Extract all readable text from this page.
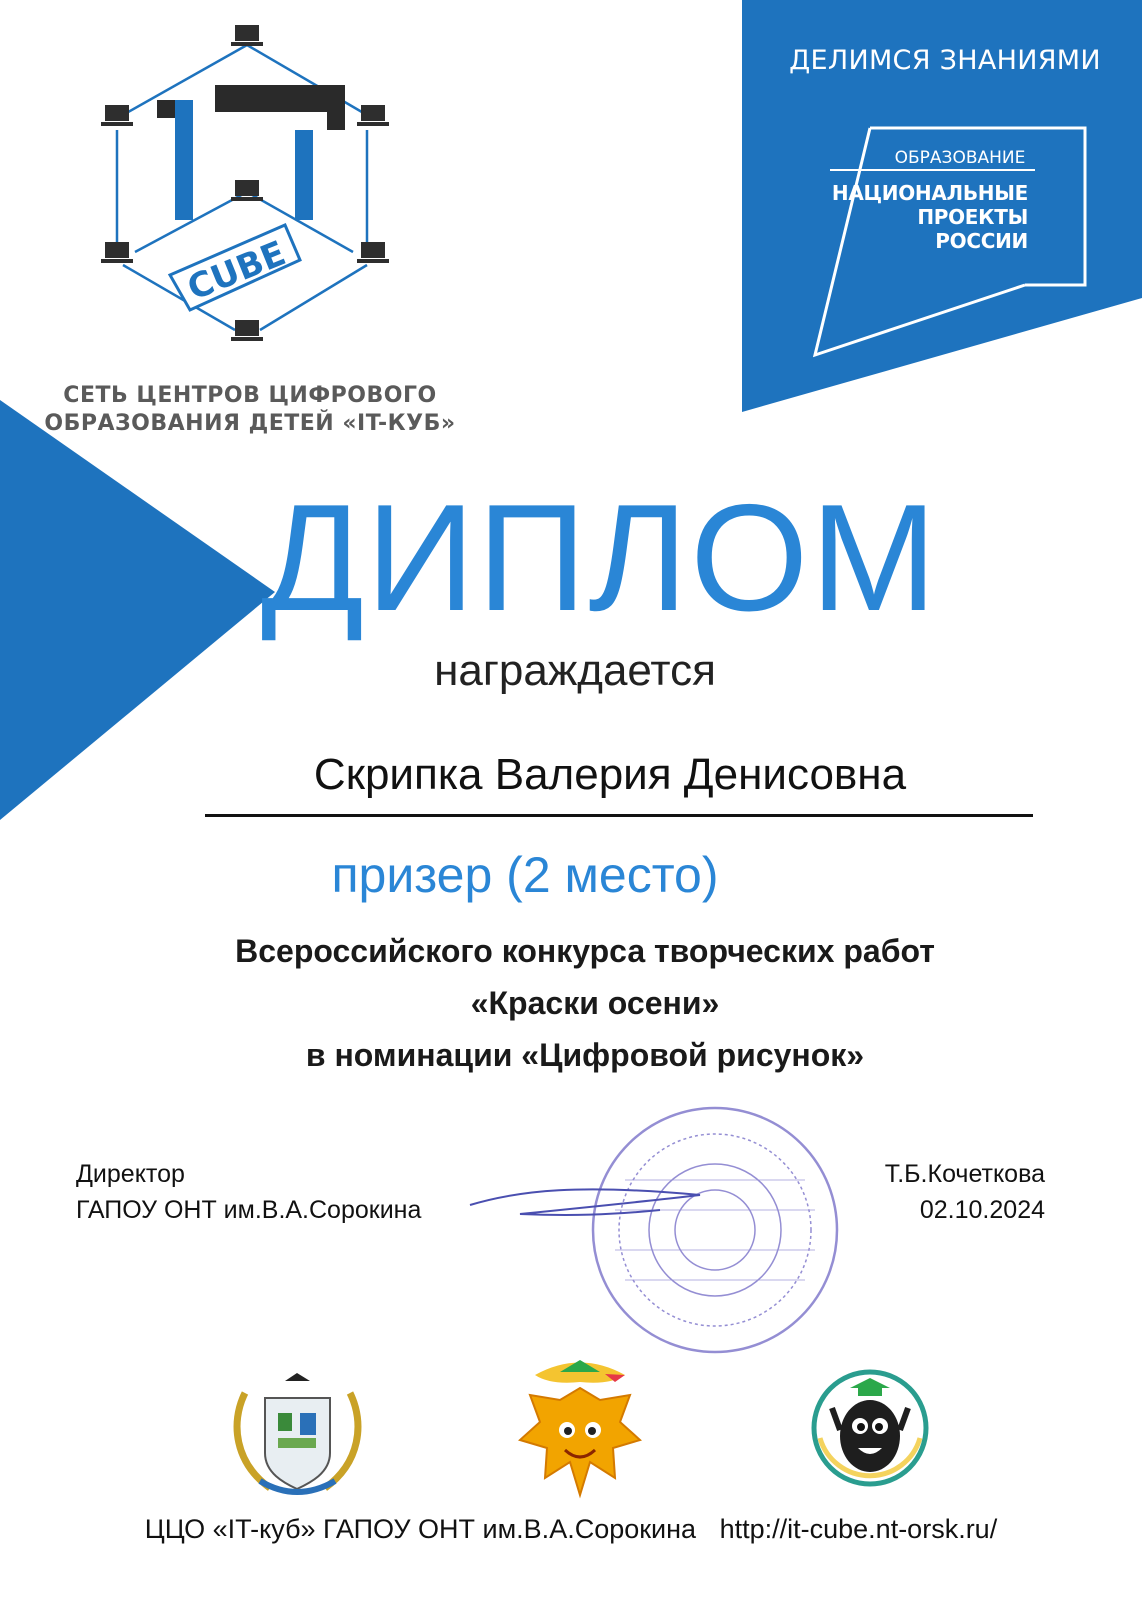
CUBE
СЕТЬ ЦЕНТРОВ ЦИФРОВОГО
ОБРАЗОВАНИЯ ДЕТЕЙ «IT-КУБ»
ДЕЛИМСЯ ЗНАНИЯМИ
ОБРАЗОВАНИЕ
НАЦИОНАЛЬНЫЕ
ПРОЕКТЫ
РОССИИ
ДИПЛОМ
награждается
Скрипка Валерия Денисовна
призер (2 место)
Всероссийского конкурса творческих работ
«Краски осени»
в номинации «Цифровой рисунок»
Директор
ГАПОУ ОНТ им.В.А.Сорокина
Т.Б.Кочеткова
02.10.2024
ЦЦО «IT-куб» ГАПОУ ОНТ им.В.А.Сорокина http://it-cube.nt-orsk.ru/
